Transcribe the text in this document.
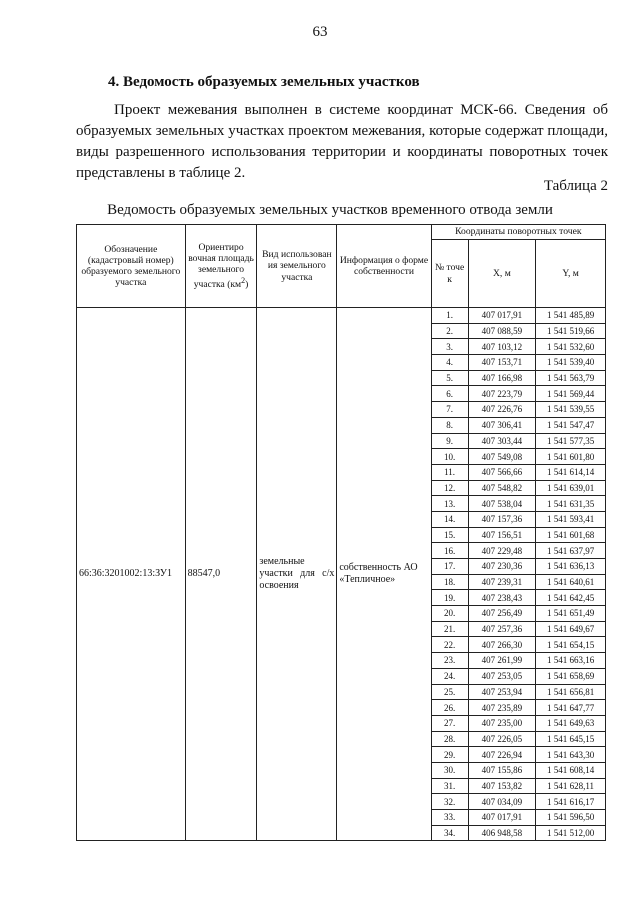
63
4. Ведомость образуемых земельных участков

Проект межевания выполнен в системе координат МСК-66. Сведения об образуемых земельных участках проектом межевания, которые содержат площади, виды разрешенного использования территории и координаты поворотных точек представлены в таблице 2.

Таблица 2
Ведомость образуемых земельных участков временного отвода земли
Обозначение (кадастровый номер) образуемого земельного участка	Ориентиро вочная площадь земельного участка $(км^2)$	Вид использован ия земельного участка	Информация о форме собственности	Координаты поворотных точек		
				№ точе к	X, м	Y, м
66:36:3201002:13:ЗУ1	88547,0	земельные участки для с/х освоения	собственность АО «Тепличное»	1.	407 017,91	1 541 485,89
				2.	407 088,59	1 541 519,66
				3.	407 103,12	1 541 532,60
				4.	407 153,71	1 541 539,40
				5.	407 166,98	1 541 563,79
				6.	407 223,79	1 541 569,44
				7.	407 226,76	1 541 539,55
				8.	407 306,41	1 541 547,47
				9.	407 303,44	1 541 577,35
				10.	407 549,08	1 541 601,80
				11.	407 566,66	1 541 614,14
				12.	407 548,82	1 541 639,01
				13.	407 538,04	1 541 631,35
				14.	407 157,36	1 541 593,41
				15.	407 156,51	1 541 601,68
				16.	407 229,48	1 541 637,97
				17.	407 230,36	1 541 636,13
				18.	407 239,31	1 541 640,61
				19.	407 238,43	1 541 642,45
				20.	407 256,49	1 541 651,49
				21.	407 257,36	1 541 649,67
				22.	407 266,30	1 541 654,15
				23.	407 261,99	1 541 663,16
				24.	407 253,05	1 541 658,69
				25.	407 253,94	1 541 656,81
				26.	407 235,89	1 541 647,77
				27.	407 235,00	1 541 649,63
				28.	407 226,05	1 541 645,15
				29.	407 226,94	1 541 643,30
				30.	407 155,86	1 541 608,14
				31.	407 153,82	1 541 628,11
				32.	407 034,09	1 541 616,17
				33.	407 017,91	1 541 596,50
				34.	406 948,58	1 541 512,00
